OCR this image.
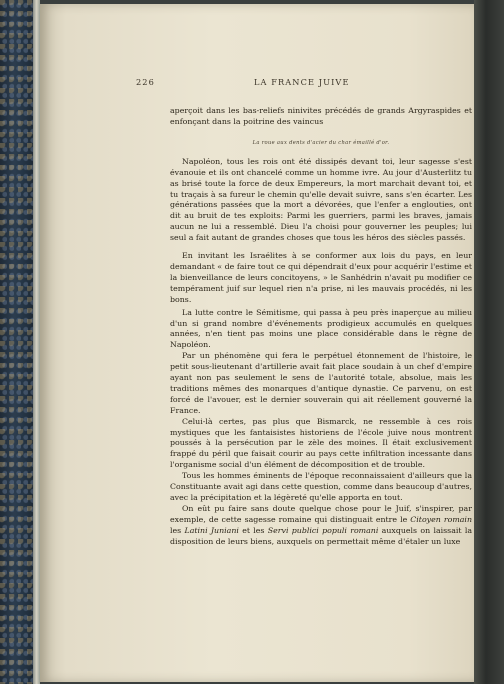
226	LA FRANCE JUIVE

aperçoit dans les bas-reliefs ninivites précédés de grands Argyraspides et enfonçant dans la poitrine des vaincus

La roue aux dents d'acier du char émaillé d'or.

Napoléon, tous les rois ont été dissipés devant toi, leur sagesse s'est évanouie et ils ont chancelé comme un homme ivre. Au jour d'Austerlitz tu as brisé toute la force de deux Empereurs, la mort marchait devant toi, et tu traçais à sa fureur le chemin qu'elle devait suivre, sans s'en écarter. Les générations passées que la mort a dévorées, que l'enfer a englouties, ont dit au bruit de tes exploits: Parmi les guerriers, parmi les braves, jamais aucun ne lui a ressemblé. Dieu l'a choisi pour gouverner les peuples; lui seul a fait autant de grandes choses que tous les héros des siècles passés.

En invitant les Israélites à se conformer aux lois du pays, en leur demandant « de faire tout ce qui dépendrait d'eux pour acquérir l'estime et la bienveillance de leurs concitoyens, » le Sanhédrin n'avait pu modifier ce tempérament juif sur lequel rien n'a prise, ni les mauvais procédés, ni les bons.

La lutte contre le Sémitisme, qui passa à peu près inaperçue au milieu d'un si grand nombre d'événements prodigieux accumulés en quelques années, n'en tient pas moins une place considérable dans le règne de Napoléon.

Par un phénomène qui fera le perpétuel étonnement de l'histoire, le petit sous-lieutenant d'artillerie avait fait place soudain à un chef d'empire ayant non pas seulement le sens de l'autorité totale, absolue, mais les traditions mêmes des monarques d'antique dynastie. Ce parvenu, on est forcé de l'avouer, est le dernier souverain qui ait réellement gouverné la France.

Celui-là certes, pas plus que Bismarck, ne ressemble à ces rois mystiques que les fantaisistes historiens de l'école juive nous montrent poussés à la persécution par le zèle des moines. Il était exclusivement frappé du péril que faisait courir au pays cette infiltration incessante dans l'organisme social d'un élément de décomposition et de trouble.

Tous les hommes éminents de l'époque reconnaissaient d'ailleurs que la Constituante avait agi dans cette question, comme dans beaucoup d'autres, avec la précipitation et la légèreté qu'elle apporta en tout.

On eût pu faire sans doute quelque chose pour le Juif, s'inspirer, par exemple, de cette sagesse romaine qui distinguait entre le Citoyen romain les Latini Juniani et les Servi publici populi romani auxquels on laissait la disposition de leurs biens, auxquels on permettait même d'étaler un luxe
